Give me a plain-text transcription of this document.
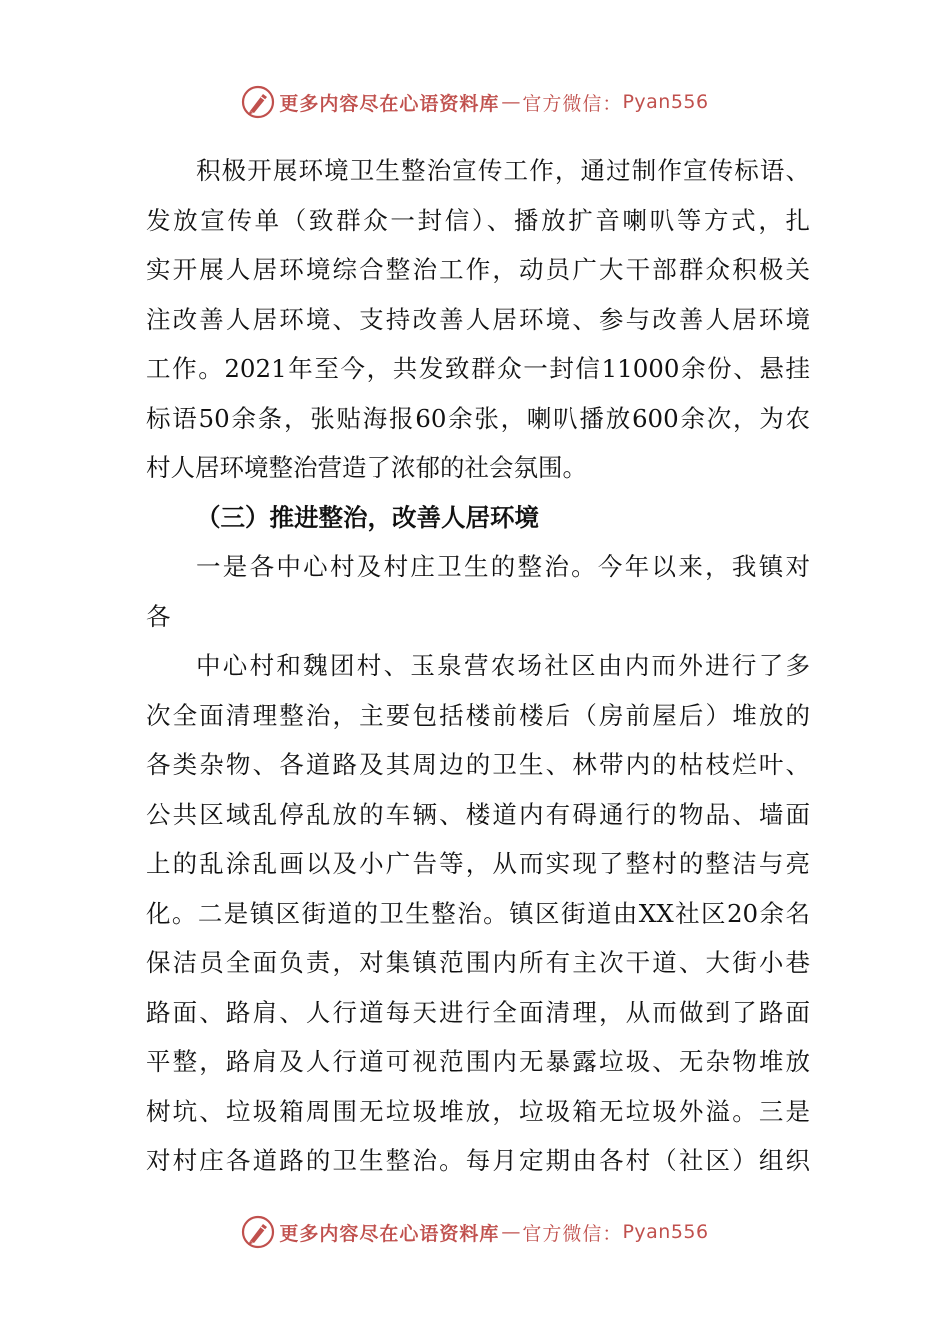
更多内容尽在心语资料库 — 官方微信： Pyan556
积极开展环境卫生整治宣传工作，通过制作宣传标语、
发放宣传单（致群众一封信）、播放扩音喇叭等方式，扎
实开展人居环境综合整治工作，动员广大干部群众积极关
注改善人居环境、支持改善人居环境、参与改善人居环境
工作。2021年至今，共发致群众一封信11000余份、悬挂
标语50余条，张贴海报60余张，喇叭播放600余次，为农
村人居环境整治营造了浓郁的社会氛围。
（三）推进整治，改善人居环境
一是各中心村及村庄卫生的整治。今年以来，我镇对
各
中心村和魏团村、玉泉营农场社区由内而外进行了多
次全面清理整治，主要包括楼前楼后（房前屋后）堆放的
各类杂物、各道路及其周边的卫生、林带内的枯枝烂叶、
公共区域乱停乱放的车辆、楼道内有碍通行的物品、墙面
上的乱涂乱画以及小广告等，从而实现了整村的整洁与亮
化。二是镇区街道的卫生整治。镇区街道由XX社区20余名
保洁员全面负责，对集镇范围内所有主次干道、大街小巷
路面、路肩、人行道每天进行全面清理，从而做到了路面
平整，路肩及人行道可视范围内无暴露垃圾、无杂物堆放
树坑、垃圾箱周围无垃圾堆放，垃圾箱无垃圾外溢。三是
对村庄各道路的卫生整治。每月定期由各村（社区）组织
更多内容尽在心语资料库 — 官方微信： Pyan556
